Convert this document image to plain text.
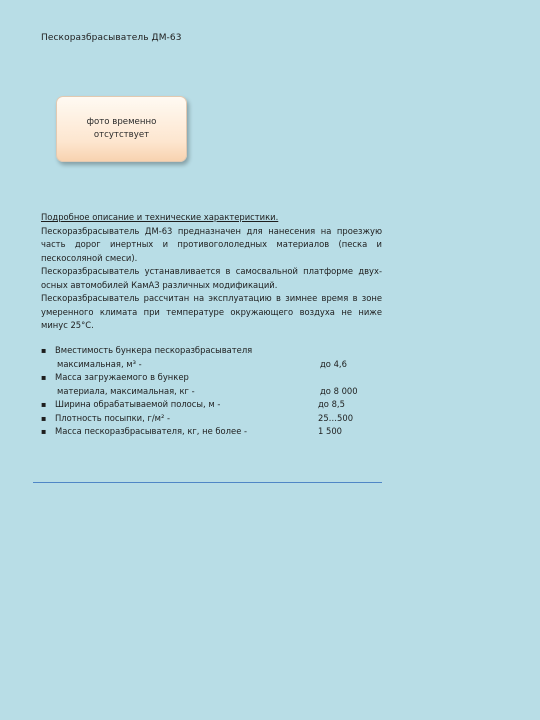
Пескоразбрасыватель ДМ-63
фото временно отсутствует

Подробное описание и технические характеристики.

Пескоразбрасыватель ДМ-63 предназначен для нанесения на проезжую часть дорог инертных и противогололедных материалов (песка и пескосоляной смеси).

Пескоразбрасыватель устанавливается в самосвальной платформе двух-осных автомобилей КамАЗ различных модификаций.

Пескоразбрасыватель рассчитан на эксплуатацию в зимнее время в зоне умеренного климата при температуре окружающего воздуха не ниже минус 25°С.

▪ Вместимость бункера пескоразбрасывателя
максимальная, м³ -	до 4,6
▪ Масса загружаемого в бункер
материала, максимальная, кг -	до 8 000
▪ Ширина обрабатываемой полосы, м -	до 8,5
▪ Плотность посыпки, г/м² -	25…500
▪ Масса пескоразбрасывателя, кг, не более -	1 500
